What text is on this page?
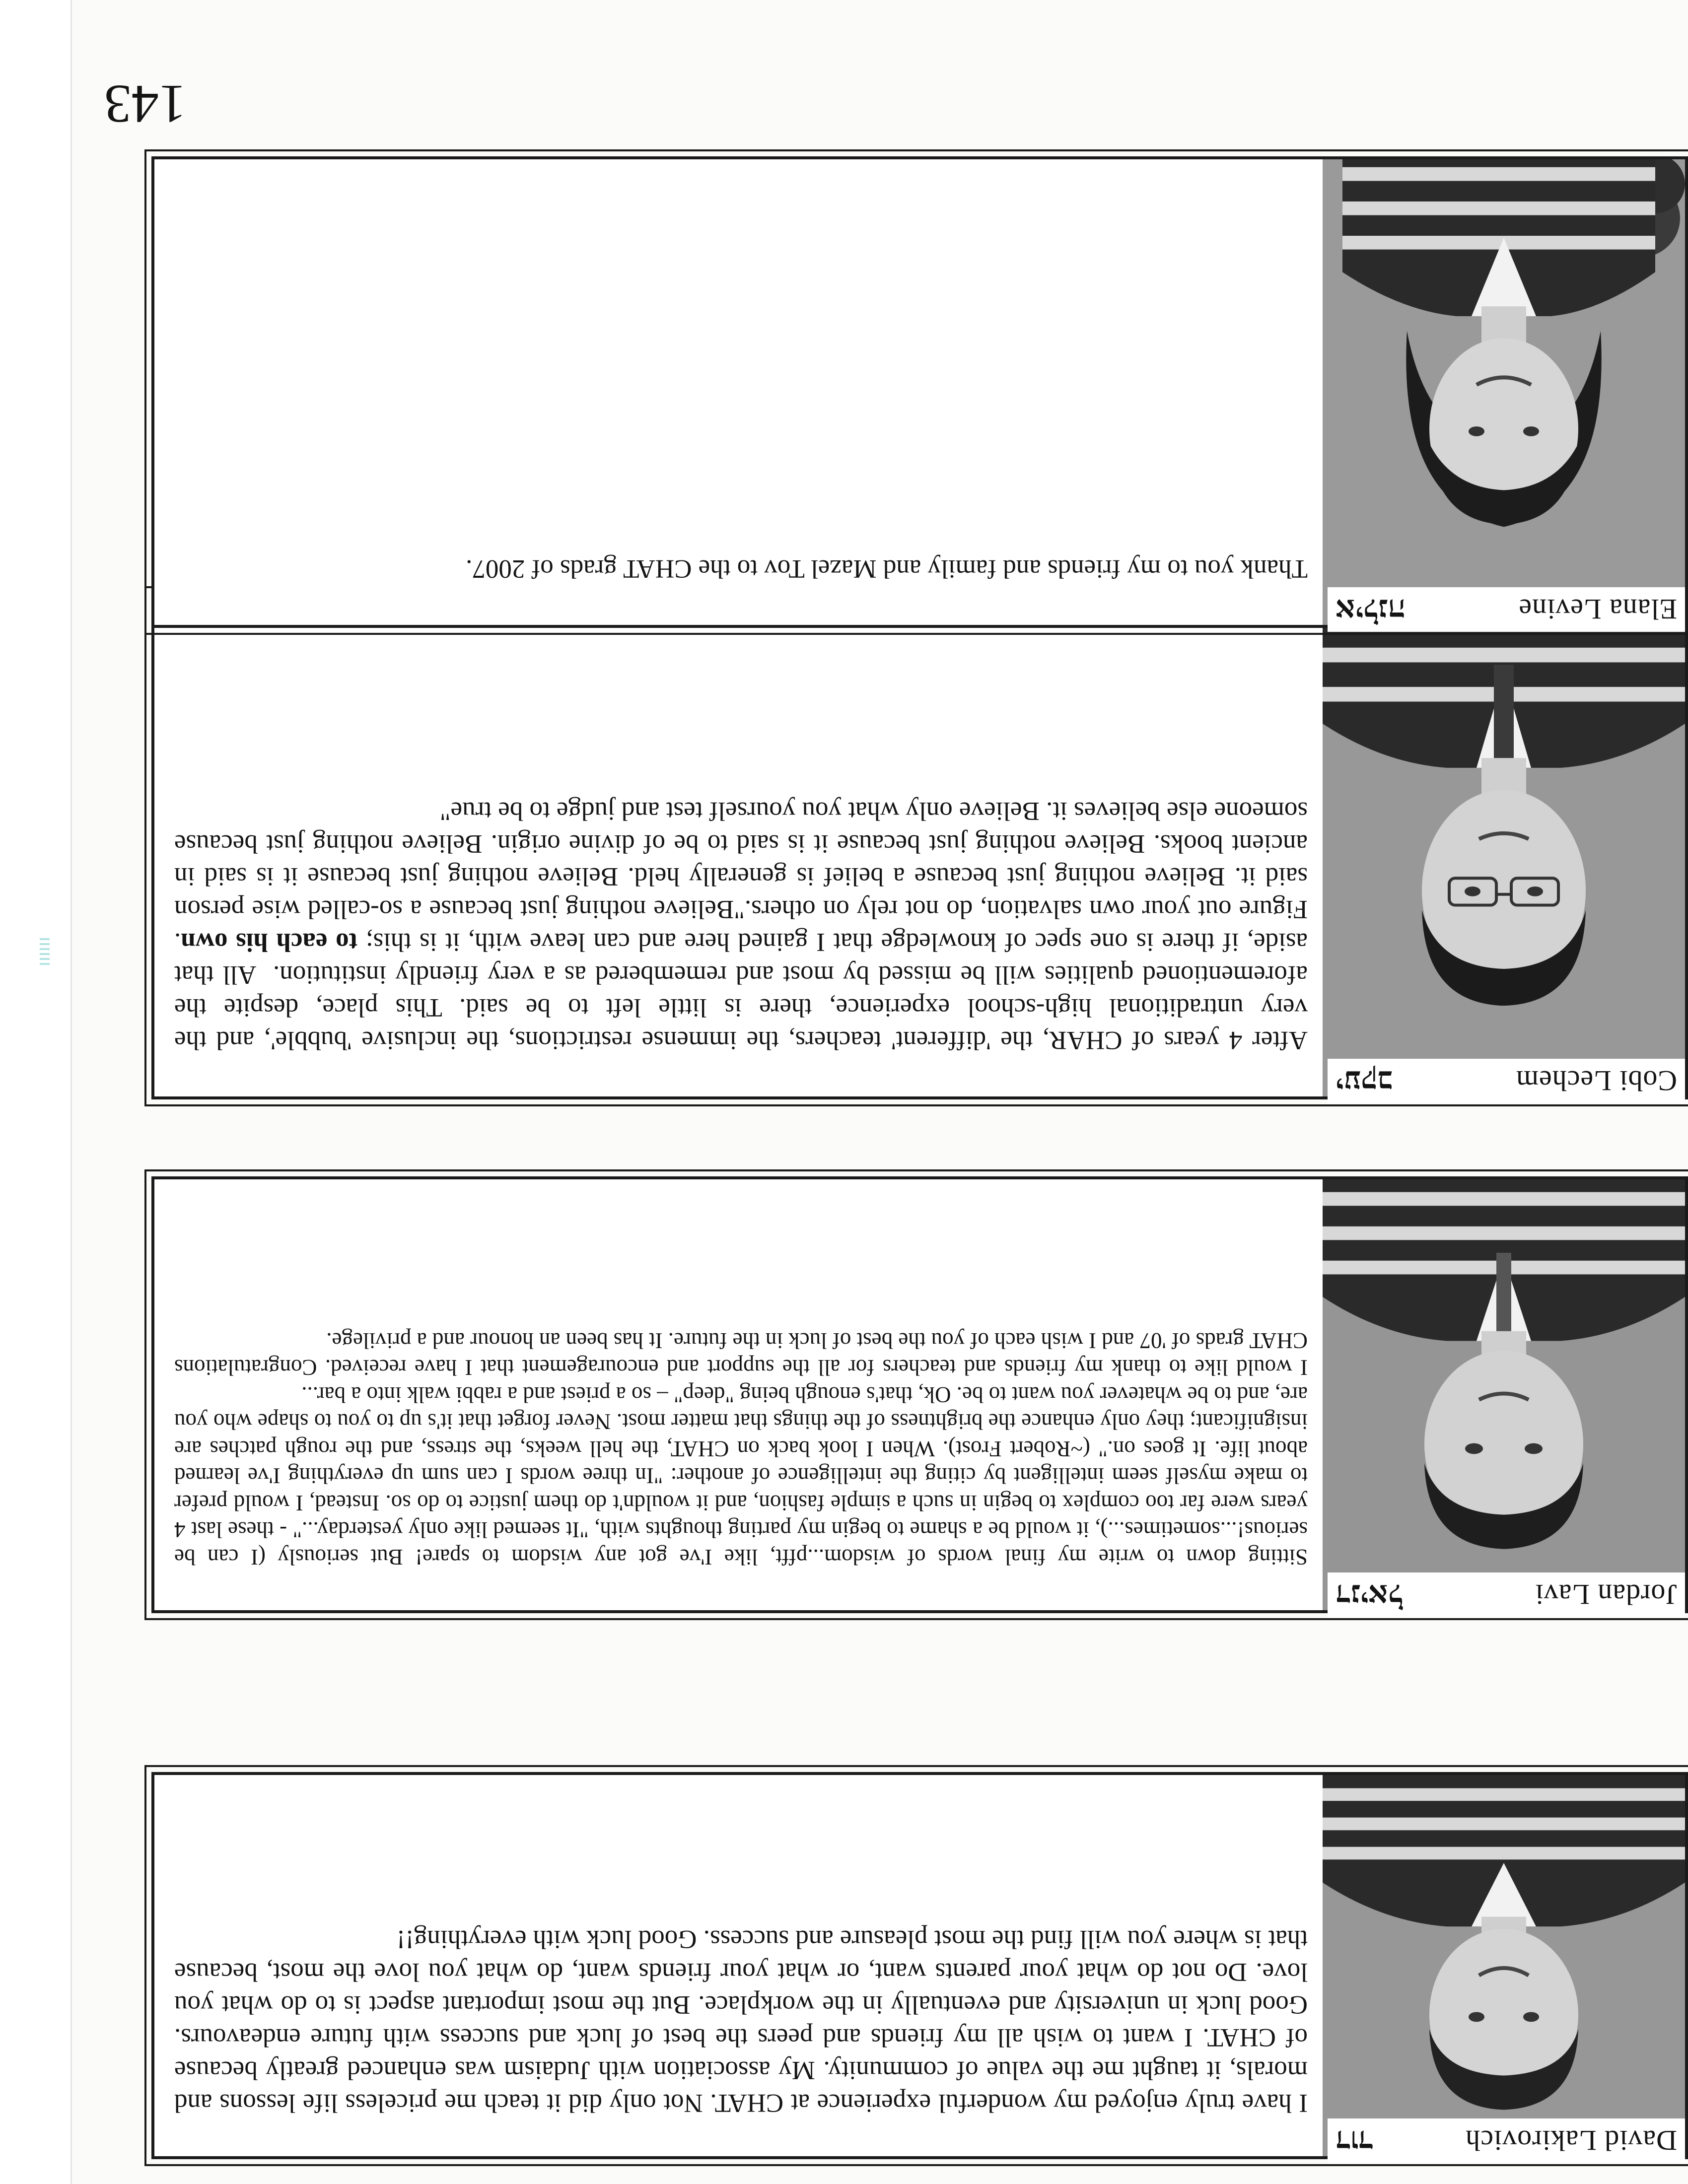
143
David Lakirovich
דוד
I have truly enjoyed my wonderful experience at CHAT. Not only did it teach me priceless life lessons and morals, it taught me the value of community. My association with Judaism was enhanced greatly because of CHAT. I want to wish all my friends and peers the best of luck and success with future endeavours. Good luck in university and eventually in the workplace. But the most important aspect is to do what you love. Do not do what your parents want, or what your friends want, do what you love the most, because that is where you will find the most pleasure and success. Good luck with everything!!
Jordan Lavi
דניאל
Sitting down to write my final words of wisdom...pfft, like I've got any wisdom to spare! But seriously (I can be serious!...sometimes...), it would be a shame to begin my parting thoughts with, "It seemed like only yesterday..." - these last 4 years were far too complex to begin in such a simple fashion, and it wouldn't do them justice to do so. Instead, I would prefer to make myself seem intelligent by citing the intelligence of another: "In three words I can sum up everything I've learned about life. It goes on." (~Robert Frost). When I look back on CHAT, the hell weeks, the stress, and the rough patches are insignificant; they only enhance the brightness of the things that matter most. Never forget that it's up to you to shape who you are, and to be whatever you want to be. Ok, that's enough being "deep" – so a priest and a rabbi walk into a bar...
I would like to thank my friends and teachers for all the support and encouragement that I have received. Congratulations CHAT grads of '07 and I wish each of you the best of luck in the future. It has been an honour and a privilege.
Cobi Lechem
יעקב
After 4 years of CHAR, the 'different' teachers, the immense restrictions, the inclusive 'bubble', and the very untraditional high-school experience, there is little left to be said. This place, despite the aforementioned qualities will be missed by most and remembered as a very friendly institution.  All that aside, if there is one spec of knowledge that I gained here and can leave with, it is this; to each his own.  Figure out your own salvation, do not rely on others."Believe nothing just because a so-called wise person said it. Believe nothing just because a belief is generally held. Believe nothing just because it is said in ancient books. Believe nothing just because it is said to be of divine origin. Believe nothing just because someone else believes it. Believe only what you yourself test and judge to be true"
Elana Levine
אילנה
Thank you to my friends and family and Mazel Tov to the CHAT grads of 2007.
